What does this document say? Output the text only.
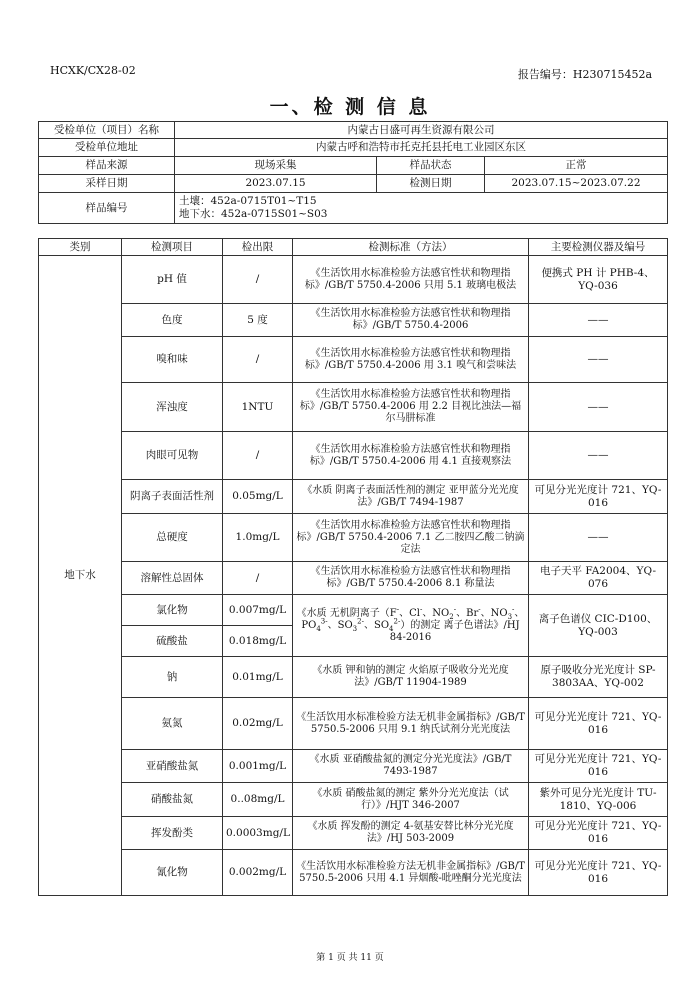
HCXK/CX28-02	报告编号：H230715452a
一、检 测 信 息
受检单位（项目）名称	内蒙古日盛可再生资源有限公司		
受检单位地址	内蒙古呼和浩特市托克托县托电工业园区东区		
样品来源	现场采集	样品状态	正常
采样日期	2023.07.15	检测日期	2023.07.15~2023.07.22
样品编号	土壤：452a-0715T01~T15
地下水：452a-0715S01~S03		
类别	检测项目	检出限	检测标准（方法）	主要检测仪器及编号
地下水	pH 值	/	《生活饮用水标准检验方法感官性状和物理指标》/GB/T 5750.4-2006 只用 5.1 玻璃电极法	便携式 PH 计 PHB-4、YQ-036
	色度	5 度	《生活饮用水标准检验方法感官性状和物理指标》/GB/T 5750.4-2006	——
	嗅和味	/	《生活饮用水标准检验方法感官性状和物理指标》/GB/T 5750.4-2006 用 3.1 嗅气和尝味法	——
	浑浊度	1NTU	《生活饮用水标准检验方法感官性状和物理指标》/GB/T 5750.4-2006 用 2.2 目视比浊法—福尔马肼标准	——
	肉眼可见物	/	《生活饮用水标准检验方法感官性状和物理指标》/GB/T 5750.4-2006 用 4.1 直接观察法	——
	阴离子表面活性剂	0.05mg/L	《水质 阴离子表面活性剂的测定 亚甲蓝分光光度法》/GB/T 7494-1987	可见分光光度计 721、YQ-016
	总硬度	1.0mg/L	《生活饮用水标准检验方法感官性状和物理指标》/GB/T 5750.4-2006 7.1 乙二胺四乙酸二钠滴定法	——
	溶解性总固体	/	《生活饮用水标准检验方法感官性状和物理指标》/GB/T 5750.4-2006 8.1 称量法	电子天平 FA2004、YQ-076
	氯化物	0.007mg/L	《水质 无机阴离子（F-、Cl-、$NO_2^-$、Br-、$NO_3^-$、$PO_4^{3-}$、$SO_3^{2-}$、$SO_4^{2-}$）的测定 离子色谱法》/HJ 84-2016	离子色谱仪 CIC-D100、YQ-003
	硫酸盐	0.018mg/L		
	钠	0.01mg/L	《水质 钾和钠的测定 火焰原子吸收分光光度法》/GB/T 11904-1989	原子吸收分光光度计 SP-3803AA、YQ-002
	氨氮	0.02mg/L	《生活饮用水标准检验方法无机非金属指标》/GB/T 5750.5-2006 只用 9.1 纳氏试剂分光光度法	可见分光光度计 721、YQ-016
	亚硝酸盐氮	0.001mg/L	《水质 亚硝酸盐氮的测定分光光度法》/GB/T 7493-1987	可见分光光度计 721、YQ-016
	硝酸盐氮	0..08mg/L	《水质 硝酸盐氮的测定 紫外分光光度法（试行）》/HJT 346-2007	紫外可见分光光度计 TU-1810、YQ-006
	挥发酚类	0.0003mg/L	《水质 挥发酚的测定 4-氨基安替比林分光光度法》/HJ 503-2009	可见分光光度计 721、YQ-016
	氰化物	0.002mg/L	《生活饮用水标准检验方法无机非金属指标》/GB/T 5750.5-2006 只用 4.1 异烟酸-吡唑酮分光光度法	可见分光光度计 721、YQ-016
第 1 页 共 11 页
